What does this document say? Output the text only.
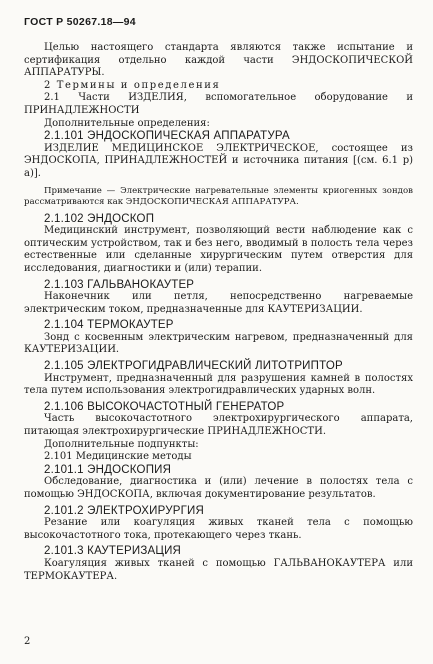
ГОСТ Р 50267.18—94

Целью настоящего стандарта являются также испытание и сертификация отдельно каждой части ЭНДОСКОПИЧЕСКОЙ АППАРАТУРЫ.

2 Термины и определения

2.1 Части ИЗДЕЛИЯ, вспомогательное оборудование и ПРИНАДЛЕЖНОСТИ

Дополнительные определения:

2.1.101 ЭНДОСКОПИЧЕСКАЯ АППАРАТУРА

ИЗДЕЛИЕ МЕДИЦИНСКОЕ ЭЛЕКТРИЧЕСКОЕ, состоящее из ЭНДОСКОПА, ПРИНАДЛЕЖНОСТЕЙ и источника питания [(см. 6.1 р) а)].

Примечание — Электрические нагревательные элементы криогенных зондов рассматриваются как ЭНДОСКОПИЧЕСКАЯ АППАРАТУРА.

2.1.102 ЭНДОСКОП

Медицинский инструмент, позволяющий вести наблюдение как с оптическим устройством, так и без него, вводимый в полость тела через естественные или сделанные хирургическим путем отверстия для исследования, диагностики и (или) терапии.

2.1.103 ГАЛЬВАНОКАУТЕР

Наконечник или петля, непосредственно нагреваемые электрическим током, предназначенные для КАУТЕРИЗАЦИИ.

2.1.104 ТЕРМОКАУТЕР

Зонд с косвенным электрическим нагревом, предназначенный для КАУТЕРИЗАЦИИ.

2.1.105 ЭЛЕКТРОГИДРАВЛИЧЕСКИЙ ЛИТОТРИПТОР

Инструмент, предназначенный для разрушения камней в полостях тела путем использования электрогидравлических ударных волн.

2.1.106 ВЫСОКОЧАСТОТНЫЙ ГЕНЕРАТОР

Часть высокочастотного электрохирургического аппарата, питающая электрохирургические ПРИНАДЛЕЖНОСТИ.

Дополнительные подпункты:

2.101 Медицинские методы

2.101.1 ЭНДОСКОПИЯ

Обследование, диагностика и (или) лечение в полостях тела с помощью ЭНДОСКОПА, включая документирование результатов.

2.101.2 ЭЛЕКТРОХИРУРГИЯ

Резание или коагуляция живых тканей тела с помощью высокочастотного тока, протекающего через ткань.

2.101.3 КАУТЕРИЗАЦИЯ

Коагуляция живых тканей с помощью ГАЛЬВАНОКАУТЕРА или ТЕРМОКАУТЕРА.

2
